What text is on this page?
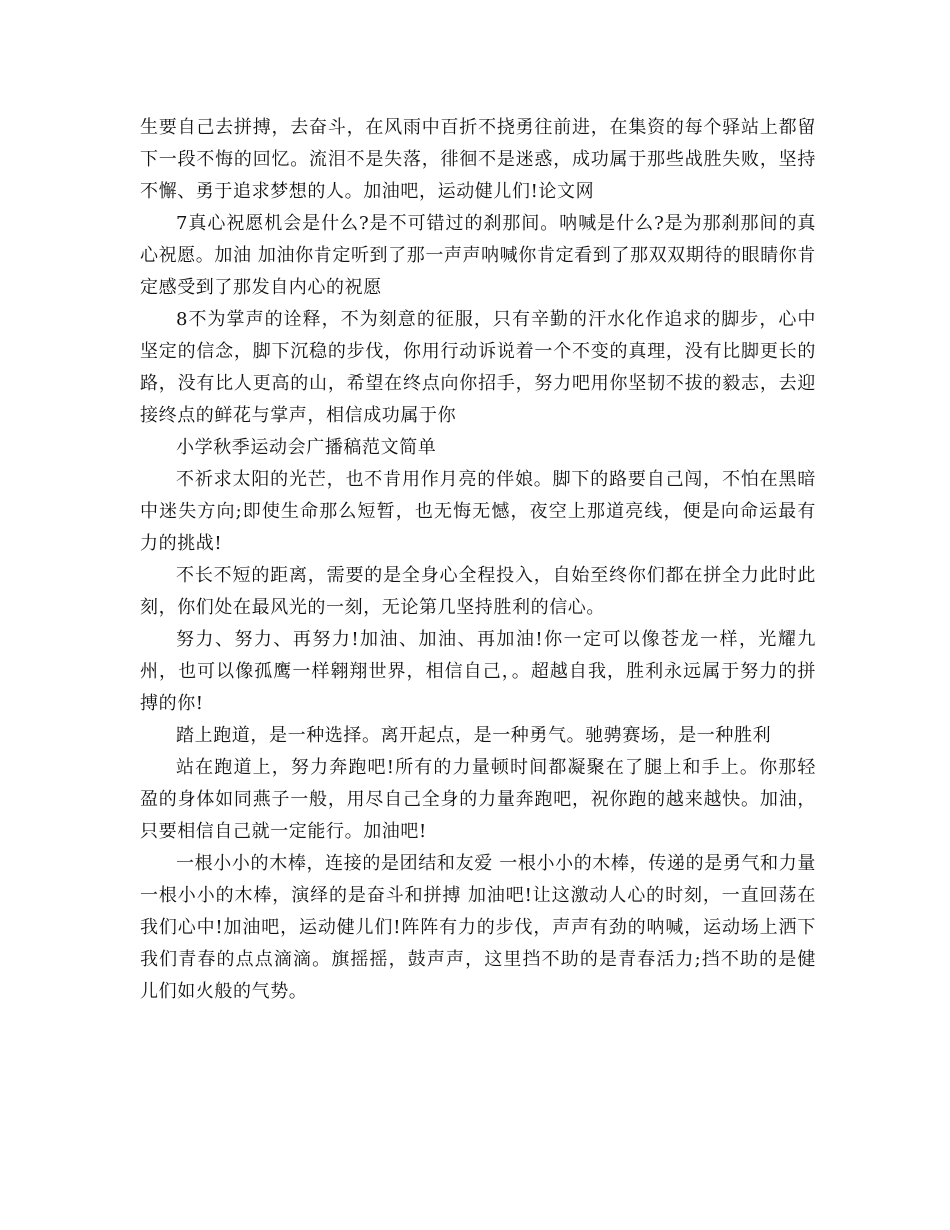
生要自己去拼搏，去奋斗，在风雨中百折不挠勇往前进，在集资的每个驿站上都留下一段不悔的回忆。流泪不是失落，徘徊不是迷惑，成功属于那些战胜失败，坚持不懈、勇于追求梦想的人。加油吧，运动健儿们!论文网

7真心祝愿机会是什么?是不可错过的刹那间。呐喊是什么?是为那刹那间的真心祝愿。加油 加油你肯定听到了那一声声呐喊你肯定看到了那双双期待的眼睛你肯定感受到了那发自内心的祝愿

8不为掌声的诠释，不为刻意的征服，只有辛勤的汗水化作追求的脚步，心中坚定的信念，脚下沉稳的步伐，你用行动诉说着一个不变的真理，没有比脚更长的路，没有比人更高的山，希望在终点向你招手，努力吧用你坚韧不拔的毅志，去迎接终点的鲜花与掌声，相信成功属于你

小学秋季运动会广播稿范文简单

不祈求太阳的光芒，也不肯用作月亮的伴娘。脚下的路要自己闯，不怕在黑暗中迷失方向;即使生命那么短暂，也无悔无憾，夜空上那道亮线，便是向命运最有力的挑战!

不长不短的距离，需要的是全身心全程投入，自始至终你们都在拼全力此时此刻，你们处在最风光的一刻，无论第几坚持胜利的信心。

努力、努力、再努力!加油、加油、再加油!你一定可以像苍龙一样，光耀九州，也可以像孤鹰一样翱翔世界，相信自己，。超越自我，胜利永远属于努力的拼搏的你!

踏上跑道，是一种选择。离开起点，是一种勇气。驰骋赛场，是一种胜利

站在跑道上，努力奔跑吧!所有的力量顿时间都凝聚在了腿上和手上。你那轻盈的身体如同燕子一般，用尽自己全身的力量奔跑吧，祝你跑的越来越快。加油，只要相信自己就一定能行。加油吧!

一根小小的木棒，连接的是团结和友爱 一根小小的木棒，传递的是勇气和力量 一根小小的木棒，演绎的是奋斗和拼搏 加油吧!让这激动人心的时刻，一直回荡在我们心中!加油吧，运动健儿们!阵阵有力的步伐，声声有劲的呐喊，运动场上洒下我们青春的点点滴滴。旗摇摇，鼓声声，这里挡不助的是青春活力;挡不助的是健儿们如火般的气势。
